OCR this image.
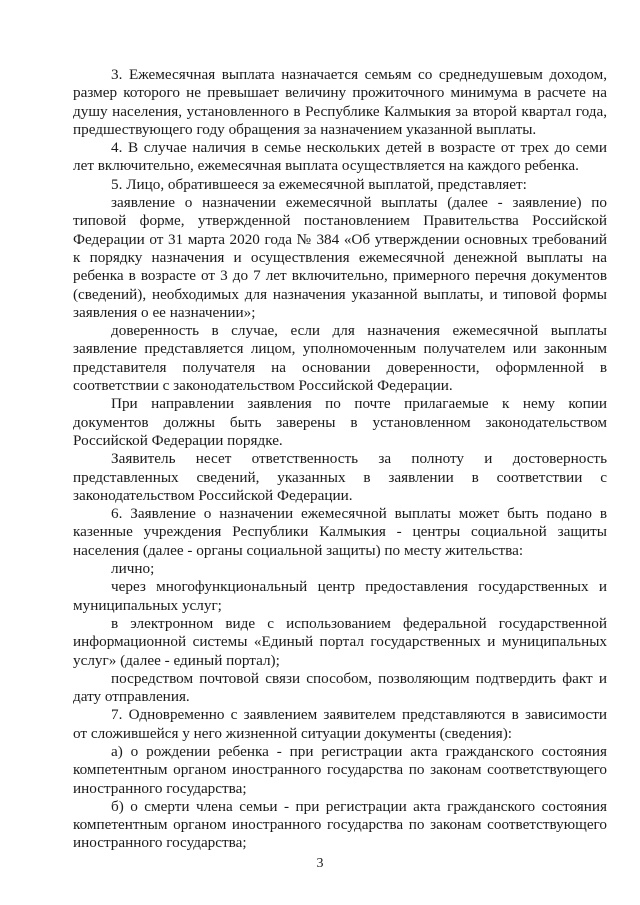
3. Ежемесячная выплата назначается семьям со среднедушевым доходом, размер которого не превышает величину прожиточного минимума в расчете на душу населения, установленного в Республике Калмыкия за второй квартал года, предшествующего году обращения за назначением указанной выплаты.

4. В случае наличия в семье нескольких детей в возрасте от трех до семи лет включительно, ежемесячная выплата осуществляется на каждого ребенка.

5. Лицо, обратившееся за ежемесячной выплатой, представляет:

заявление о назначении ежемесячной выплаты (далее - заявление) по типовой форме, утвержденной постановлением Правительства Российской Федерации от 31 марта 2020 года № 384 «Об утверждении основных требований к порядку назначения и осуществления ежемесячной денежной выплаты на ребенка в возрасте от 3 до 7 лет включительно, примерного перечня документов (сведений), необходимых для назначения указанной выплаты, и типовой формы заявления о ее назначении»;

доверенность в случае, если для назначения ежемесячной выплаты заявление представляется лицом, уполномоченным получателем или законным представителя получателя на основании доверенности, оформленной в соответствии с законодательством Российской Федерации.

При направлении заявления по почте прилагаемые к нему копии документов должны быть заверены в установленном законодательством Российской Федерации порядке.

Заявитель несет ответственность за полноту и достоверность представленных сведений, указанных в заявлении в соответствии с законодательством Российской Федерации.

6. Заявление о назначении ежемесячной выплаты может быть подано в казенные учреждения Республики Калмыкия - центры социальной защиты населения (далее - органы социальной защиты) по месту жительства:

лично;

через многофункциональный центр предоставления государственных и муниципальных услуг;

в электронном виде с использованием федеральной государственной информационной системы «Единый портал государственных и муниципальных услуг» (далее - единый портал);

посредством почтовой связи способом, позволяющим подтвердить факт и дату отправления.

7. Одновременно с заявлением заявителем представляются в зависимости от сложившейся у него жизненной ситуации документы (сведения):

а) о рождении ребенка - при регистрации акта гражданского состояния компетентным органом иностранного государства по законам соответствующего иностранного государства;

б) о смерти члена семьи - при регистрации акта гражданского состояния компетентным органом иностранного государства по законам соответствующего иностранного государства;

3
